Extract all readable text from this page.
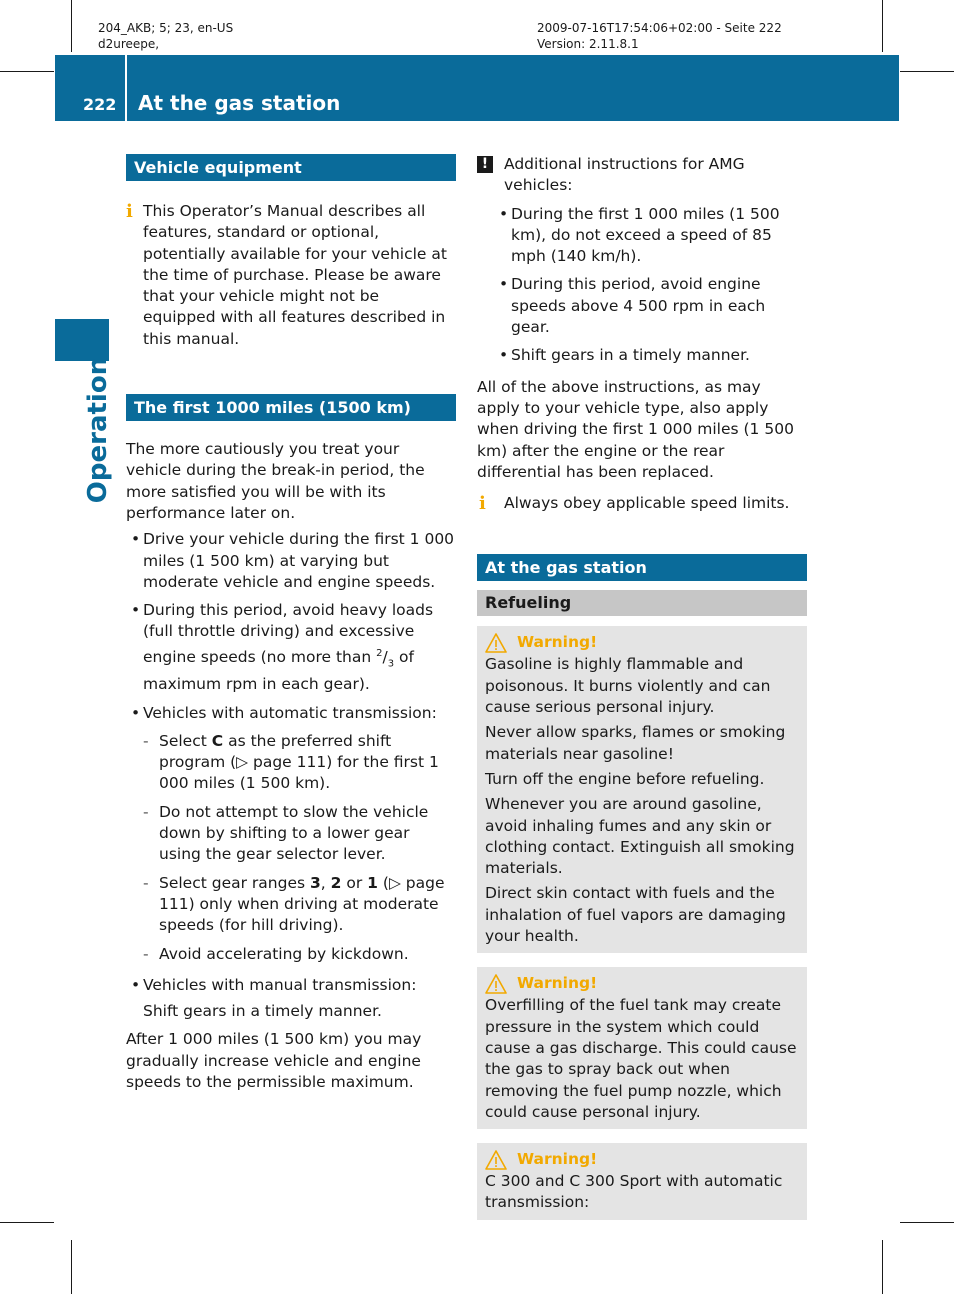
204_AKB; 5; 23, en-US
d2ureepe,
2009-07-16T17:54:06+02:00 - Seite 222
Version: 2.11.8.1
222 At the gas station
Operation
Vehicle equipment

i This Operator’s Manual describes all features, standard or optional, potentially available for your vehicle at the time of purchase. Please be aware that your vehicle might not be equipped with all features described in this manual.

The first 1000 miles (1500 km)

The more cautiously you treat your vehicle during the break-in period, the more satisfied you will be with its performance later on.

• Drive your vehicle during the first 1 000 miles (1 500 km) at varying but moderate vehicle and engine speeds.

• During this period, avoid heavy loads (full throttle driving) and excessive engine speeds (no more than $^2/_3$ of maximum rpm in each gear).

• Vehicles with automatic transmission:

- Select C as the preferred shift program (▷ page 111) for the first 1 000 miles (1 500 km).

- Do not attempt to slow the vehicle down by shifting to a lower gear using the gear selector lever.

- Select gear ranges 3, 2 or 1 (▷ page 111) only when driving at moderate speeds (for hill driving).

- Avoid accelerating by kickdown.

• Vehicles with manual transmission:

Shift gears in a timely manner.

After 1 000 miles (1 500 km) you may gradually increase vehicle and engine speeds to the permissible maximum.

!	Additional instructions for AMG vehicles:

• During the first 1 000 miles (1 500 km), do not exceed a speed of 85 mph (140 km/h).

• During this period, avoid engine speeds above 4 500 rpm in each gear.

• Shift gears in a timely manner.

All of the above instructions, as may apply to your vehicle type, also apply when driving the first 1 000 miles (1 500 km) after the engine or the rear differential has been replaced.

i Always obey applicable speed limits.

At the gas station
Refueling
Warning!

Gasoline is highly flammable and poisonous. It burns violently and can cause serious personal injury.

Never allow sparks, flames or smoking materials near gasoline!

Turn off the engine before refueling.

Whenever you are around gasoline, avoid inhaling fumes and any skin or clothing contact. Extinguish all smoking materials.

Direct skin contact with fuels and the inhalation of fuel vapors are damaging your health.

Warning!

Overfilling of the fuel tank may create pressure in the system which could cause a gas discharge. This could cause the gas to spray back out when removing the fuel pump nozzle, which could cause personal injury.

Warning!

C 300 and C 300 Sport with automatic transmission:
